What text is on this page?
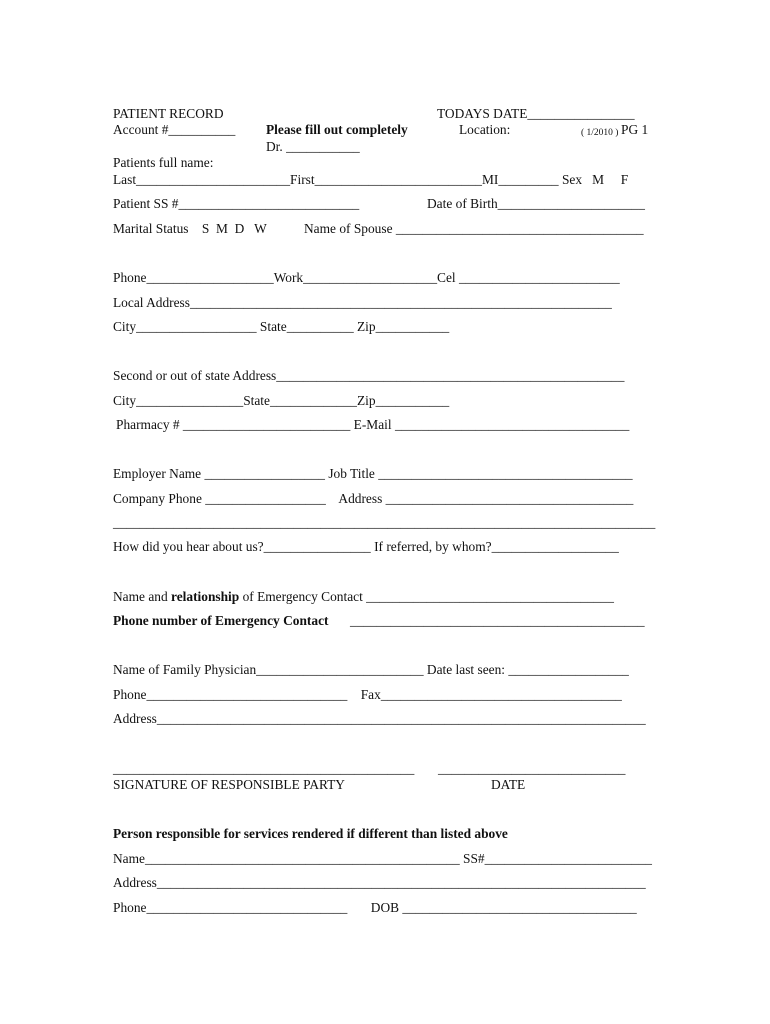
PATIENT RECORD	TODAYS DATE________________
Account #__________ Please fill out completely	Location:	( 1/2010 ) PG 1
Dr. ___________
Patients full name:
Last_______________________First_________________________MI_________ Sex   M     F
Patient SS #___________________________	Date of Birth______________________
Marital Status    S  M  D   W	Name of Spouse _____________________________________
Phone___________________Work____________________Cel ________________________
Local Address_______________________________________________________________
City__________________ State__________ Zip___________
Second or out of state Address____________________________________________________
City________________State_____________Zip___________
Pharmacy # _________________________ E-Mail ___________________________________
Employer Name __________________ Job Title ______________________________________
Company Phone __________________    Address _____________________________________
_________________________________________________________________________________
How did you hear about us?________________ If referred, by whom?___________________
Name and relationship of Emergency Contact _____________________________________
Phone number of Emergency Contact ____________________________________________
Name of Family Physician_________________________ Date last seen: __________________
Phone______________________________    Fax____________________________________
Address_________________________________________________________________________
_____________________________________________ ____________________________
SIGNATURE OF RESPONSIBLE PARTY	DATE
Person responsible for services rendered if different than listed above
Name_______________________________________________ SS#_________________________
Address_________________________________________________________________________
Phone______________________________       DOB ___________________________________
